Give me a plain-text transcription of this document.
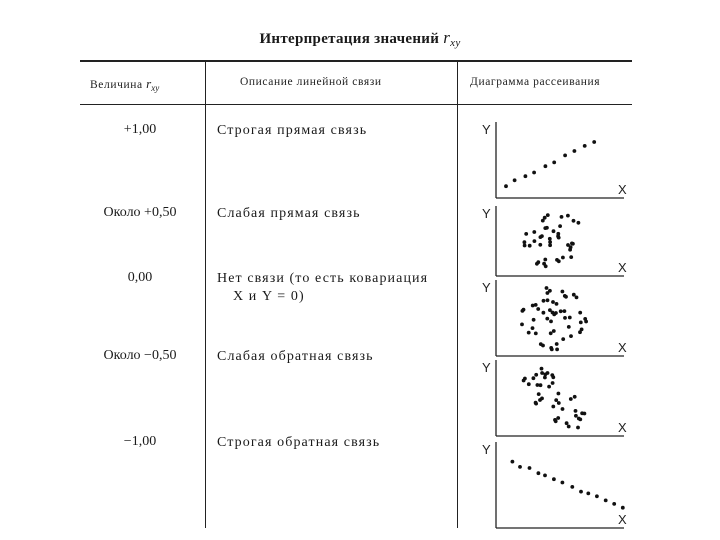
Интерпретация значений $r_{xy}$
Величина $r_{xy}$	Описание линейной связи	Диаграмма рассеивания
+1,00
Около +0,50
0,00
Около −0,50
−1,00
Строгая прямая связь
Слабая прямая связь
Нет связи (то есть ковариация
X и Y = 0)
Слабая обратная связь
Строгая обратная связь
Y
X
Y
X
Y
X
Y
X
Y
X
